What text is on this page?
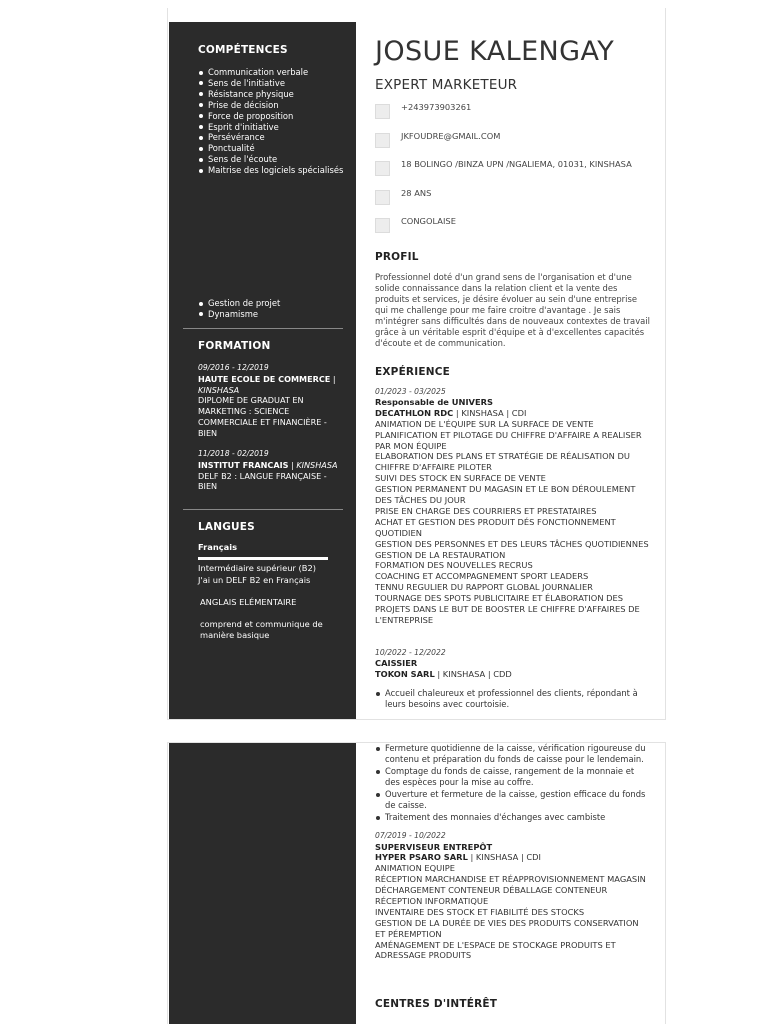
COMPÉTENCES
Communication verbale
Sens de l'initiative
Résistance physique
Prise de décision
Force de proposition
Esprit d'initiative
Persévérance
Ponctualité
Sens de l'écoute
Maitrise des logiciels spécialisés
Gestion de projet
Dynamisme
FORMATION
09/2016 - 12/2019
HAUTE ECOLE DE COMMERCE | KINSHASA
DIPLOME DE GRADUAT EN MARKETING : SCIENCE COMMERCIALE ET FINANCIÈRE - BIEN
11/2018 - 02/2019
INSTITUT FRANCAIS | KINSHASA
DELF B2 : LANGUE FRANÇAISE - BIEN
LANGUES
Français
Intermédiaire supérieur (B2)
J'ai un DELF B2 en Français
ANGLAIS ELÉMENTAIRE
comprend et communique de manière basique
JOSUE KALENGAY
EXPERT MARKETEUR
+243973903261
JKFOUDRE@GMAIL.COM
18 BOLINGO /BINZA UPN /NGALIEMA, 01031, KINSHASA
28 ANS
CONGOLAISE
PROFIL
Professionnel doté d'un grand sens de l'organisation et d'une solide connaissance dans la relation client et la vente des produits et services, je désire évoluer au sein d'une entreprise qui me challenge pour me faire croitre d'avantage . Je sais m'intégrer sans difficultés dans de nouveaux contextes de travail grâce à un véritable esprit d'équipe et à d'excellentes capacités d'écoute et de communication.
EXPÉRIENCE
01/2023 - 03/2025
Responsable de UNIVERS
DECATHLON RDC | KINSHASA | CDI
ANIMATION DE L'ÉQUIPE SUR LA SURFACE DE VENTE
PLANIFICATION ET PILOTAGE DU CHIFFRE D'AFFAIRE A REALISER PAR MON ÉQUIPE
ELABORATION DES PLANS ET STRATÉGIE DE RÉALISATION DU CHIFFRE D'AFFAIRE PILOTER
SUIVI DES STOCK EN SURFACE DE VENTE
GESTION PERMANENT DU MAGASIN ET LE BON DÉROULEMENT DES TÂCHES DU JOUR
PRISE EN CHARGE DES COURRIERS ET PRESTATAIRES
ACHAT ET GESTION DES PRODUIT DÉS FONCTIONNEMENT QUOTIDIEN
GESTION DES PERSONNES ET DES LEURS TÂCHES QUOTIDIENNES
GESTION DE LA RESTAURATION
FORMATION DES NOUVELLES RECRUS
COACHING ET ACCOMPAGNEMENT SPORT LEADERS
TENNU REGULIER DU RAPPORT GLOBAL JOURNALIER
TOURNAGE DES SPOTS PUBLICITAIRE ET ÉLABORATION DES PROJETS DANS LE BUT DE BOOSTER LE CHIFFRE D'AFFAIRES DE L'ENTREPRISE
10/2022 - 12/2022
CAISSIER
TOKON SARL | KINSHASA | CDD
Accueil chaleureux et professionnel des clients, répondant à leurs besoins avec courtoisie.
Fermeture quotidienne de la caisse, vérification rigoureuse du contenu et préparation du fonds de caisse pour le lendemain.
Comptage du fonds de caisse, rangement de la monnaie et des espèces pour la mise au coffre.
Ouverture et fermeture de la caisse, gestion efficace du fonds de caisse.
Traitement des monnaies d'échanges avec cambiste
07/2019 - 10/2022
SUPERVISEUR ENTREPÔT
HYPER PSARO SARL | KINSHASA | CDI
ANIMATION EQUIPE
RÉCEPTION MARCHANDISE ET RÉAPPROVISIONNEMENT MAGASIN
DÉCHARGEMENT CONTENEUR DÉBALLAGE CONTENEUR
RÉCEPTION INFORMATIQUE
INVENTAIRE DES STOCK ET FIABILITÉ DES STOCKS
GESTION DE LA DURÉE DE VIES DES PRODUITS CONSERVATION ET PÉREMPTION
AMÉNAGEMENT DE L'ESPACE DE STOCKAGE PRODUITS ET ADRESSAGE PRODUITS
CENTRES D'INTÉRÊT
